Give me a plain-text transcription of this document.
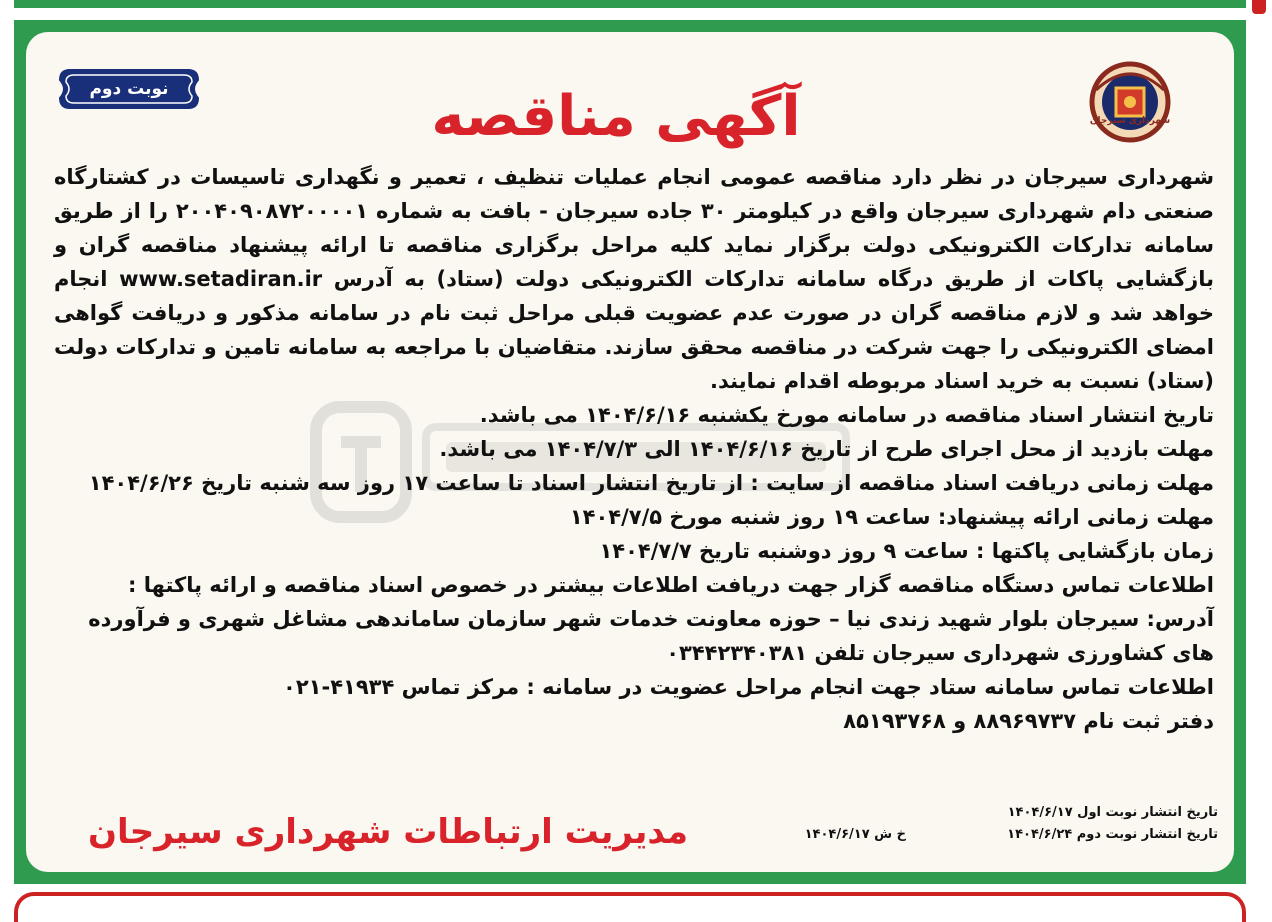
شهرداری سیرجان
نوبت دوم	آگهی مناقصه

شهرداری سیرجان در نظر دارد مناقصه عمومی انجام عملیات تنظیف ، تعمیر و نگهداری تاسیسات در کشتارگاه صنعتی دام شهرداری سیرجان واقع در کیلومتر ۳۰ جاده سیرجان - بافت به شماره ۲۰۰۴۰۹۰۸۷۲۰۰۰۰۱ را از طریق سامانه تدارکات الکترونیکی دولت برگزار نماید کلیه مراحل برگزاری مناقصه تا ارائه پیشنهاد مناقصه گران و بازگشایی پاکات از طریق درگاه سامانه تدارکات الکترونیکی دولت (ستاد) به آدرس www.setadiran.ir انجام خواهد شد و لازم مناقصه گران در صورت عدم عضویت قبلی مراحل ثبت نام در سامانه مذکور و دریافت گواهی امضای الکترونیکی را جهت شرکت در مناقصه محقق سازند. متقاضیان با مراجعه به سامانه تامین و تدارکات دولت (ستاد) نسبت به خرید اسناد مربوطه اقدام نمایند.

تاریخ انتشار اسناد مناقصه در سامانه مورخ یکشنبه ۱۴۰۴/۶/۱۶ می باشد.
مهلت بازدید از محل اجرای طرح از تاریخ ۱۴۰۴/۶/۱۶ الی ۱۴۰۴/۷/۳ می باشد.
مهلت زمانی دریافت اسناد مناقصه از سایت : از تاریخ انتشار اسناد تا ساعت ۱۷ روز سه شنبه تاریخ ۱۴۰۴/۶/۲۶
مهلت زمانی ارائه پیشنهاد: ساعت ۱۹ روز شنبه مورخ ۱۴۰۴/۷/۵
زمان بازگشایی پاکتها : ساعت ۹ روز دوشنبه تاریخ ۱۴۰۴/۷/۷
اطلاعات تماس دستگاه مناقصه گزار جهت دریافت اطلاعات بیشتر در خصوص اسناد مناقصه و ارائه پاکتها :
آدرس: سیرجان بلوار شهید زندی نیا – حوزه معاونت خدمات شهر سازمان ساماندهی مشاغل شهری و فرآورده های کشاورزی شهرداری سیرجان تلفن ۰۳۴۴۲۳۴۰۳۸۱
اطلاعات تماس سامانه ستاد جهت انجام مراحل عضویت در سامانه : مرکز تماس ۴۱۹۳۴-۰۲۱
دفتر ثبت نام ۸۸۹۶۹۷۳۷ و ۸۵۱۹۳۷۶۸
تاریخ انتشار نوبت اول ۱۴۰۴/۶/۱۷
تاریخ انتشار نوبت دوم ۱۴۰۴/۶/۲۴
خ ش ۱۴۰۴/۶/۱۷
مدیریت ارتباطات شهرداری سیرجان
